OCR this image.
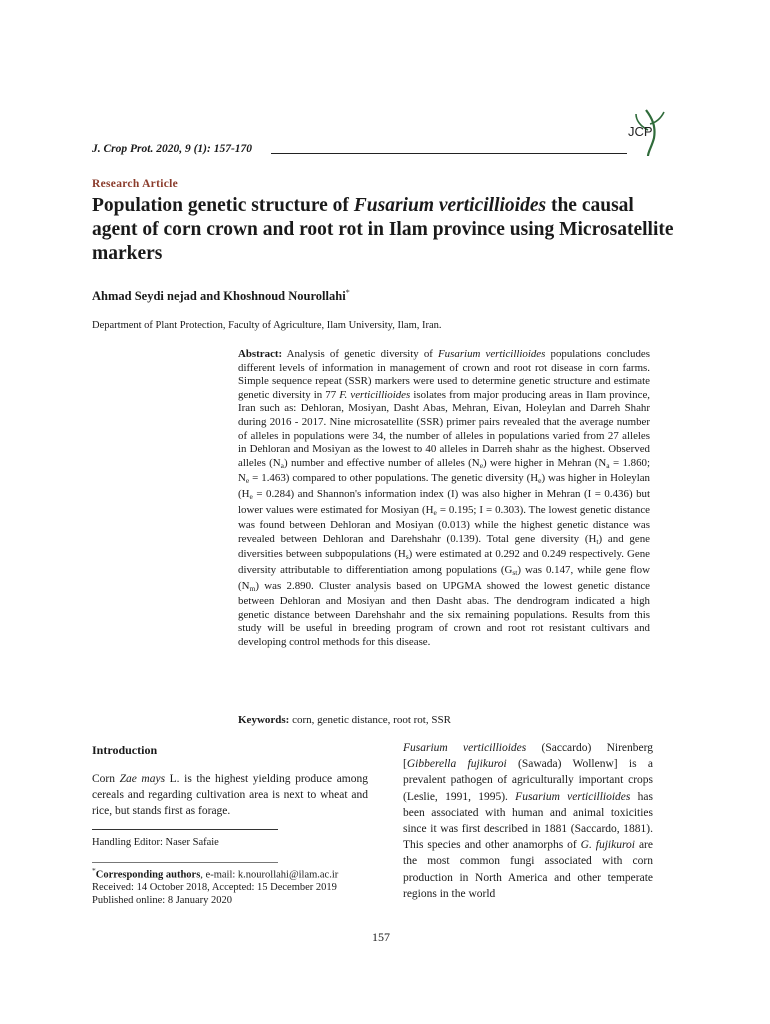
J. Crop Prot. 2020, 9 (1): 157-170
JCP
Research Article
Population genetic structure of Fusarium verticillioides the causal agent of corn crown and root rot in Ilam province using Microsatellite markers
Ahmad Seydi nejad and Khoshnoud Nourollahi*
Department of Plant Protection, Faculty of Agriculture, Ilam University, Ilam, Iran.
Abstract: Analysis of genetic diversity of Fusarium verticillioides populations concludes different levels of information in management of crown and root rot disease in corn farms. Simple sequence repeat (SSR) markers were used to determine genetic structure and estimate genetic diversity in 77 F. verticillioides isolates from major producing areas in Ilam province, Iran such as: Dehloran, Mosiyan, Dasht Abas, Mehran, Eivan, Holeylan and Darreh Shahr during 2016 - 2017. Nine microsatellite (SSR) primer pairs revealed that the average number of alleles in populations were 34, the number of alleles in populations varied from 27 alleles in Dehloran and Mosiyan as the lowest to 40 alleles in Darreh shahr as the highest. Observed alleles $(N_a)$ number and effective number of alleles $(N_e)$ were higher in Mehran ($N_a = 1.860$; $N_e = 1.463$) compared to other populations. The genetic diversity $(H_e)$ was higher in Holeylan $(H_e = 0.284)$ and Shannon's information index (I) was also higher in Mehran (I = 0.436) but lower values were estimated for Mosiyan ($H_e = 0.195$; I = 0.303). The lowest genetic distance was found between Dehloran and Mosiyan (0.013) while the highest genetic distance was revealed between Dehloran and Darehshahr (0.139). Total gene diversity $(H_t)$ and gene diversities between subpopulations $(H_s)$ were estimated at 0.292 and 0.249 respectively. Gene diversity attributable to differentiation among populations $(G_{st})$ was 0.147, while gene flow $(N_m)$ was 2.890. Cluster analysis based on UPGMA showed the lowest genetic distance between Dehloran and Mosiyan and then Dasht abas. The dendrogram indicated a high genetic distance between Darehshahr and the six remaining populations. Results from this study will be useful in breeding program of crown and root rot resistant cultivars and developing control methods for this disease.
Keywords: corn, genetic distance, root rot, SSR
Introduction
Corn Zae mays L. is the highest yielding produce among cereals and regarding cultivation area is next to wheat and rice, but stands first as forage.
Handling Editor: Naser Safaie
*Corresponding authors, e-mail: k.nourollahi@ilam.ac.ir
Received: 14 October 2018, Accepted: 15 December 2019
Published online: 8 January 2020
Fusarium verticillioides (Saccardo) Nirenberg [Gibberella fujikuroi (Sawada) Wollenw] is a prevalent pathogen of agriculturally important crops (Leslie, 1991, 1995). Fusarium verticillioides has been associated with human and animal toxicities since it was first described in 1881 (Saccardo, 1881). This species and other anamorphs of G. fujikuroi are the most common fungi associated with corn production in North America and other temperate regions in the world
157
